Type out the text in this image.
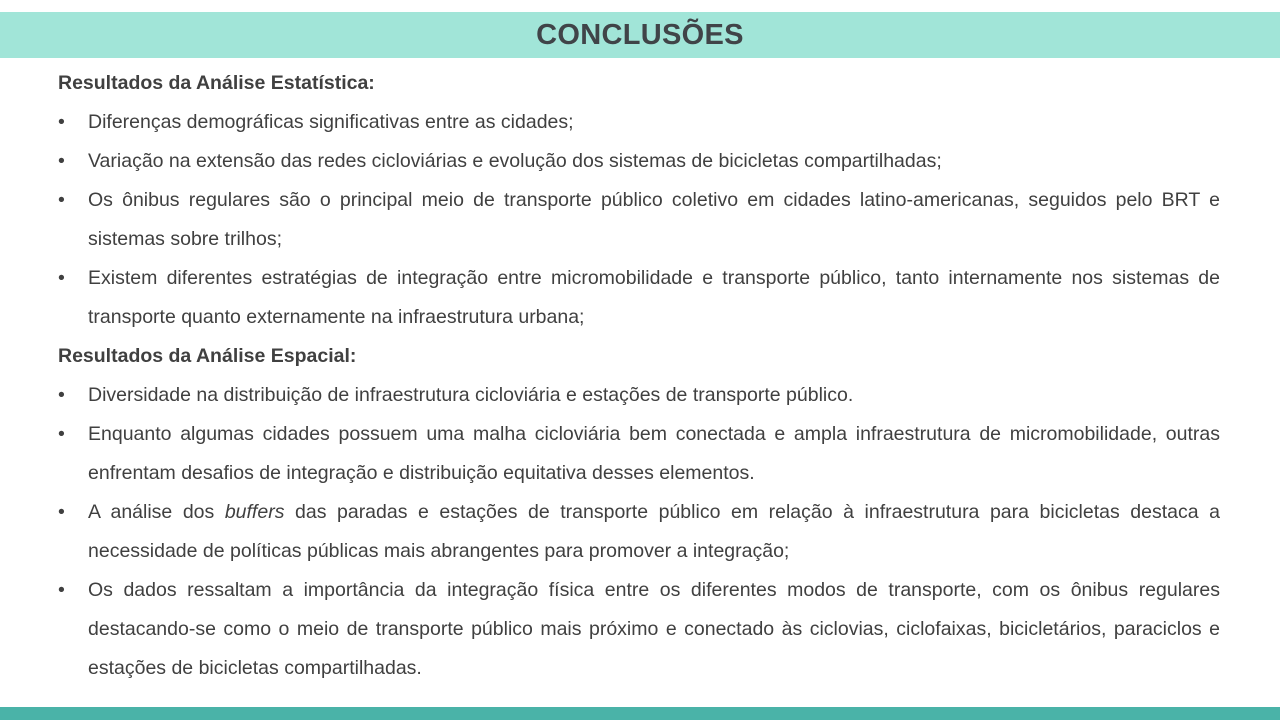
CONCLUSÕES
Resultados da Análise Estatística:
•	Diferenças demográficas significativas entre as cidades;
•	Variação na extensão das redes cicloviárias e evolução dos sistemas de bicicletas compartilhadas;
•	Os ônibus regulares são o principal meio de transporte público coletivo em cidades latino-americanas, seguidos pelo BRT e sistemas sobre trilhos;
•	Existem diferentes estratégias de integração entre micromobilidade e transporte público, tanto internamente nos sistemas de transporte quanto externamente na infraestrutura urbana;
Resultados da Análise Espacial:
•	Diversidade na distribuição de infraestrutura cicloviária e estações de transporte público.
•	Enquanto algumas cidades possuem uma malha cicloviária bem conectada e ampla infraestrutura de micromobilidade, outras enfrentam desafios de integração e distribuição equitativa desses elementos.
•	A análise dos buffers das paradas e estações de transporte público em relação à infraestrutura para bicicletas destaca a necessidade de políticas públicas mais abrangentes para promover a integração;
•	Os dados ressaltam a importância da integração física entre os diferentes modos de transporte, com os ônibus regulares destacando-se como o meio de transporte público mais próximo e conectado às ciclovias, ciclofaixas, bicicletários, paraciclos e estações de bicicletas compartilhadas.
